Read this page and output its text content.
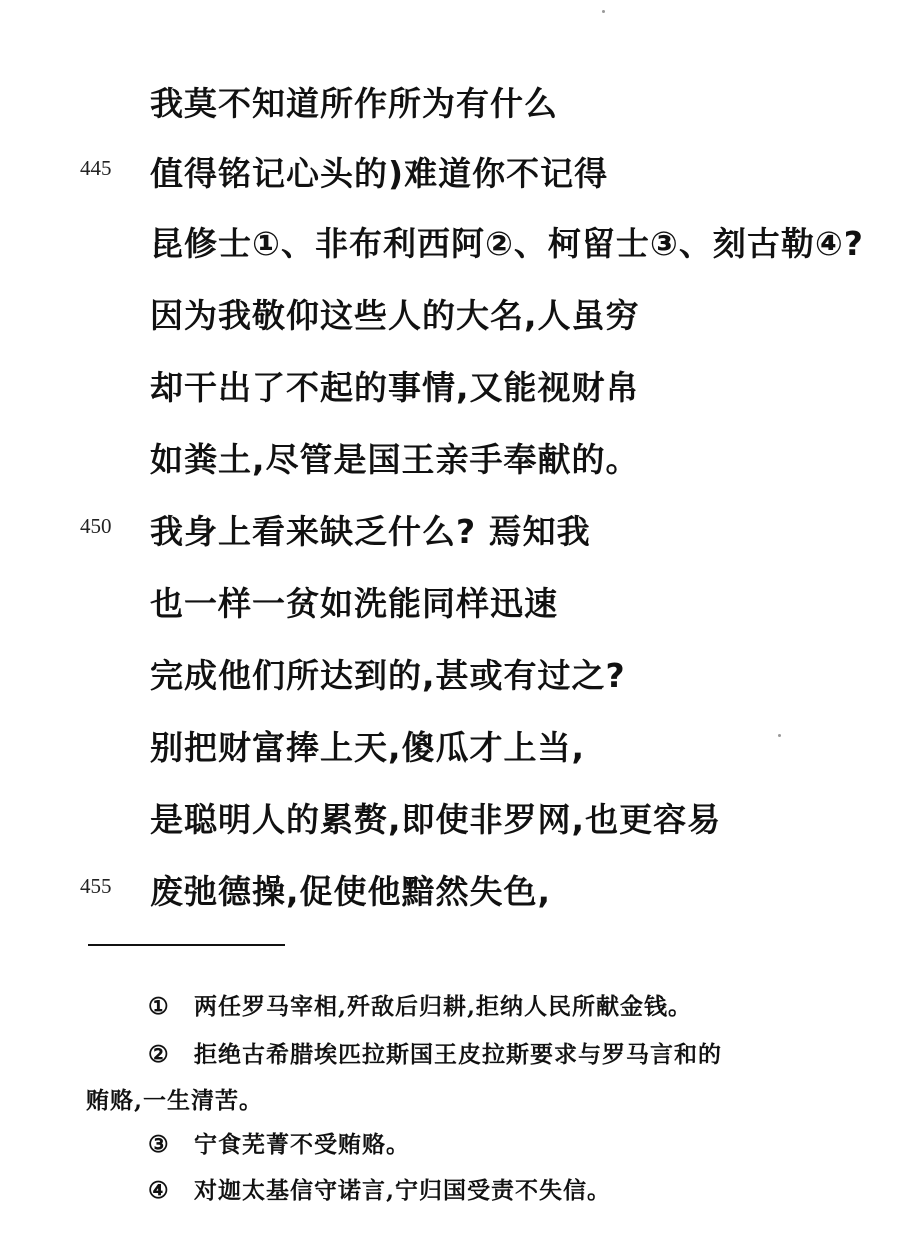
我莫不知道所作所为有什么
445 值得铭记心头的)难道你不记得
昆修士①、非布利西阿②、柯留士③、刻古勒④?
因为我敬仰这些人的大名,人虽穷
却干出了不起的事情,又能视财帛
如粪土,尽管是国王亲手奉献的。
450 我身上看来缺乏什么? 焉知我
也一样一贫如洗能同样迅速
完成他们所达到的,甚或有过之?
别把财富捧上天,傻瓜才上当,
是聪明人的累赘,即使非罗网,也更容易
455 废弛德操,促使他黯然失色,
① 两任罗马宰相,歼敌后归耕,拒纳人民所献金钱。
② 拒绝古希腊埃匹拉斯国王皮拉斯要求与罗马言和的
贿赂,一生清苦。
③ 宁食芜菁不受贿赂。
④ 对迦太基信守诺言,宁归国受责不失信。
